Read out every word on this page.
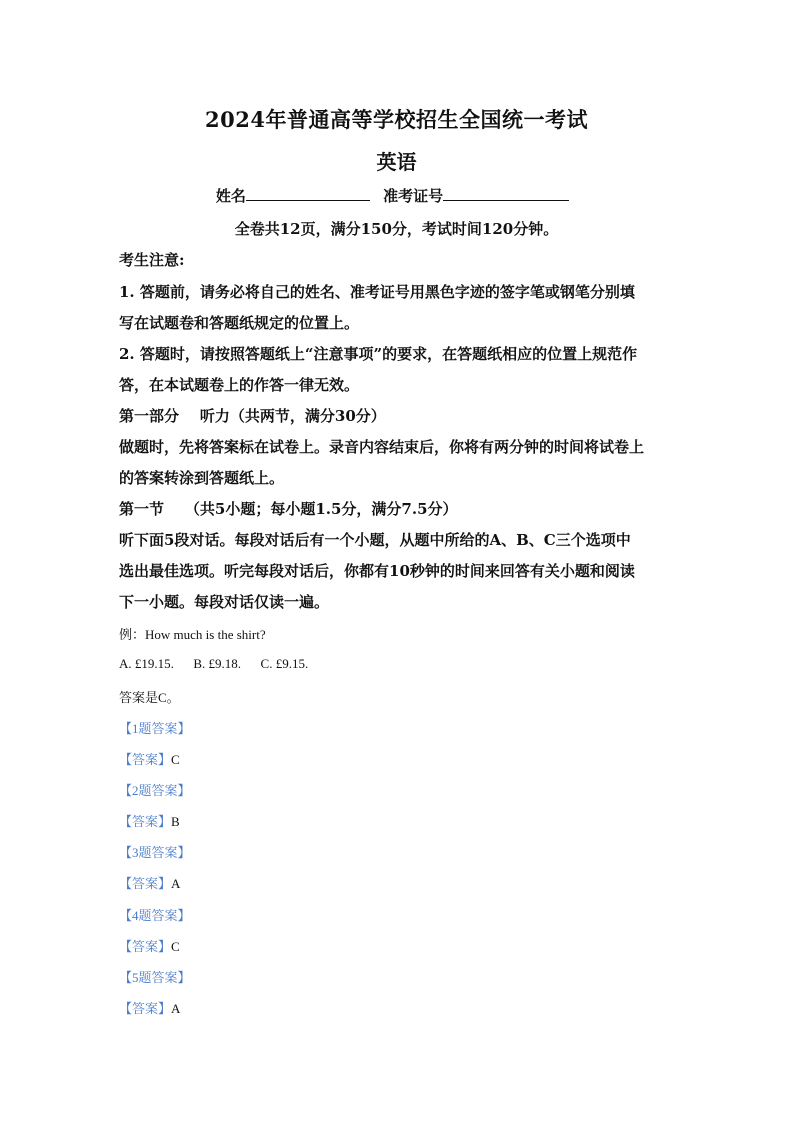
2024年普通高等学校招生全国统一考试
英语
姓名	准考证号
全卷共12页，满分150分，考试时间120分钟。
考生注意:
1. 答题前，请务必将自己的姓名、准考证号用黑色字迹的签字笔或钢笔分别填
写在试题卷和答题纸规定的位置上。
2. 答题时，请按照答题纸上“注意事项”的要求，在答题纸相应的位置上规范作
答，在本试题卷上的作答一律无效。
第一部分    听力（共两节，满分30分）
做题时，先将答案标在试卷上。录音内容结束后，你将有两分钟的时间将试卷上
的答案转涂到答题纸上。
第一节    （共5小题；每小题1.5分，满分7.5分）
听下面5段对话。每段对话后有一个小题，从题中所给的A、B、C三个选项中
选出最佳选项。听完每段对话后，你都有10秒钟的时间来回答有关小题和阅读
下一小题。每段对话仅读一遍。
例：How much is the shirt?
A. £19.15.      B. £9.18.      C. £9.15.
答案是C。
【1题答案】
【答案】C
【2题答案】
【答案】B
【3题答案】
【答案】A
【4题答案】
【答案】C
【5题答案】
【答案】A
